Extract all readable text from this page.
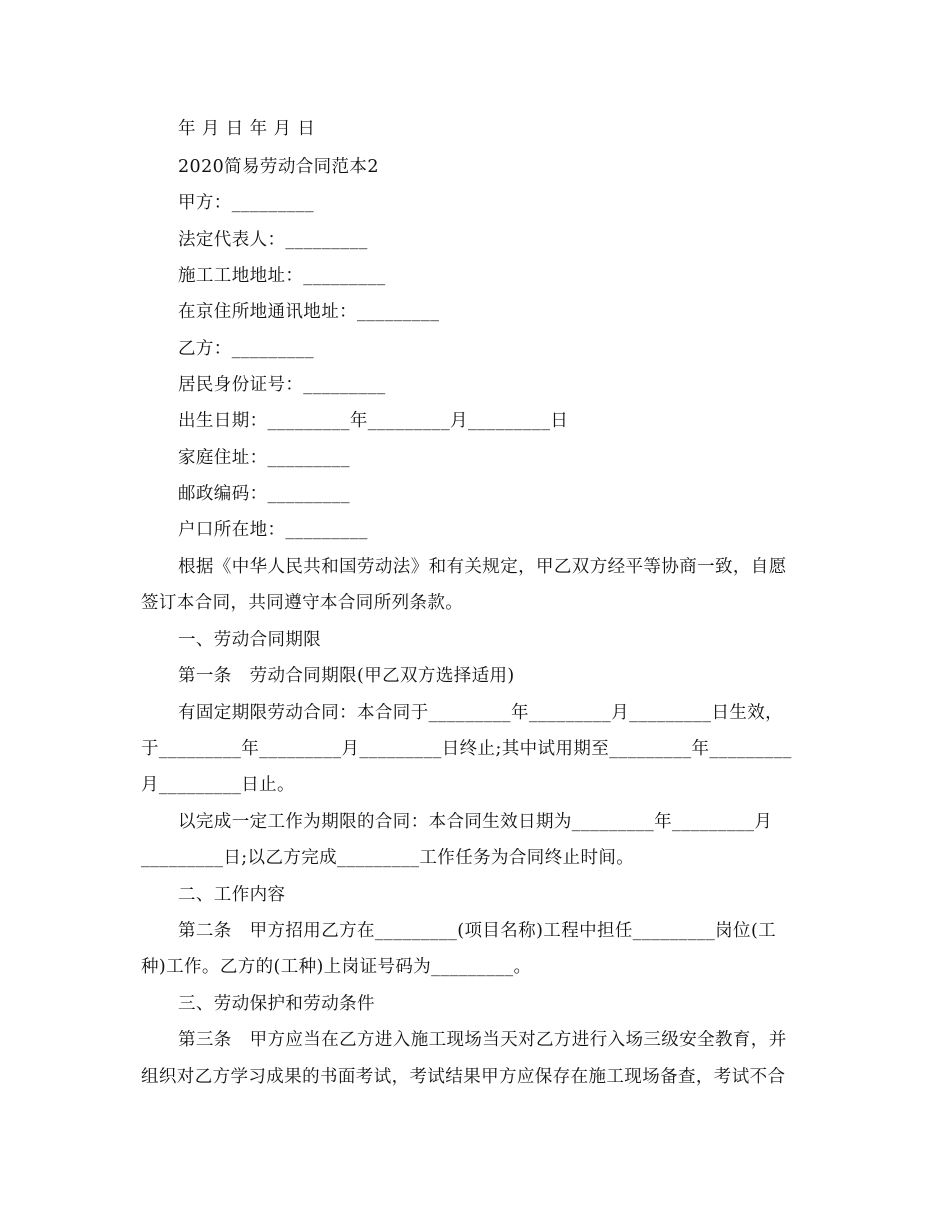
年 月 日 年 月 日
2020简易劳动合同范本2
甲方：_________
法定代表人：_________
施工工地地址：_________
在京住所地通讯地址：_________
乙方：_________
居民身份证号：_________
出生日期：_________年_________月_________日
家庭住址：_________
邮政编码：_________
户口所在地：_________
根据《中华人民共和国劳动法》和有关规定，甲乙双方经平等协商一致，自愿
签订本合同，共同遵守本合同所列条款。
一、劳动合同期限
第一条　劳动合同期限(甲乙双方选择适用)
有固定期限劳动合同：本合同于_________年_________月_________日生效，
于_________年_________月_________日终止;其中试用期至_________年_________
月_________日止。
以完成一定工作为期限的合同：本合同生效日期为_________年_________月
_________日;以乙方完成_________工作任务为合同终止时间。
二、工作内容
第二条　甲方招用乙方在_________(项目名称)工程中担任_________岗位(工
种)工作。乙方的(工种)上岗证号码为_________。
三、劳动保护和劳动条件
第三条　甲方应当在乙方进入施工现场当天对乙方进行入场三级安全教育，并
组织对乙方学习成果的书面考试，考试结果甲方应保存在施工现场备查，考试不合
